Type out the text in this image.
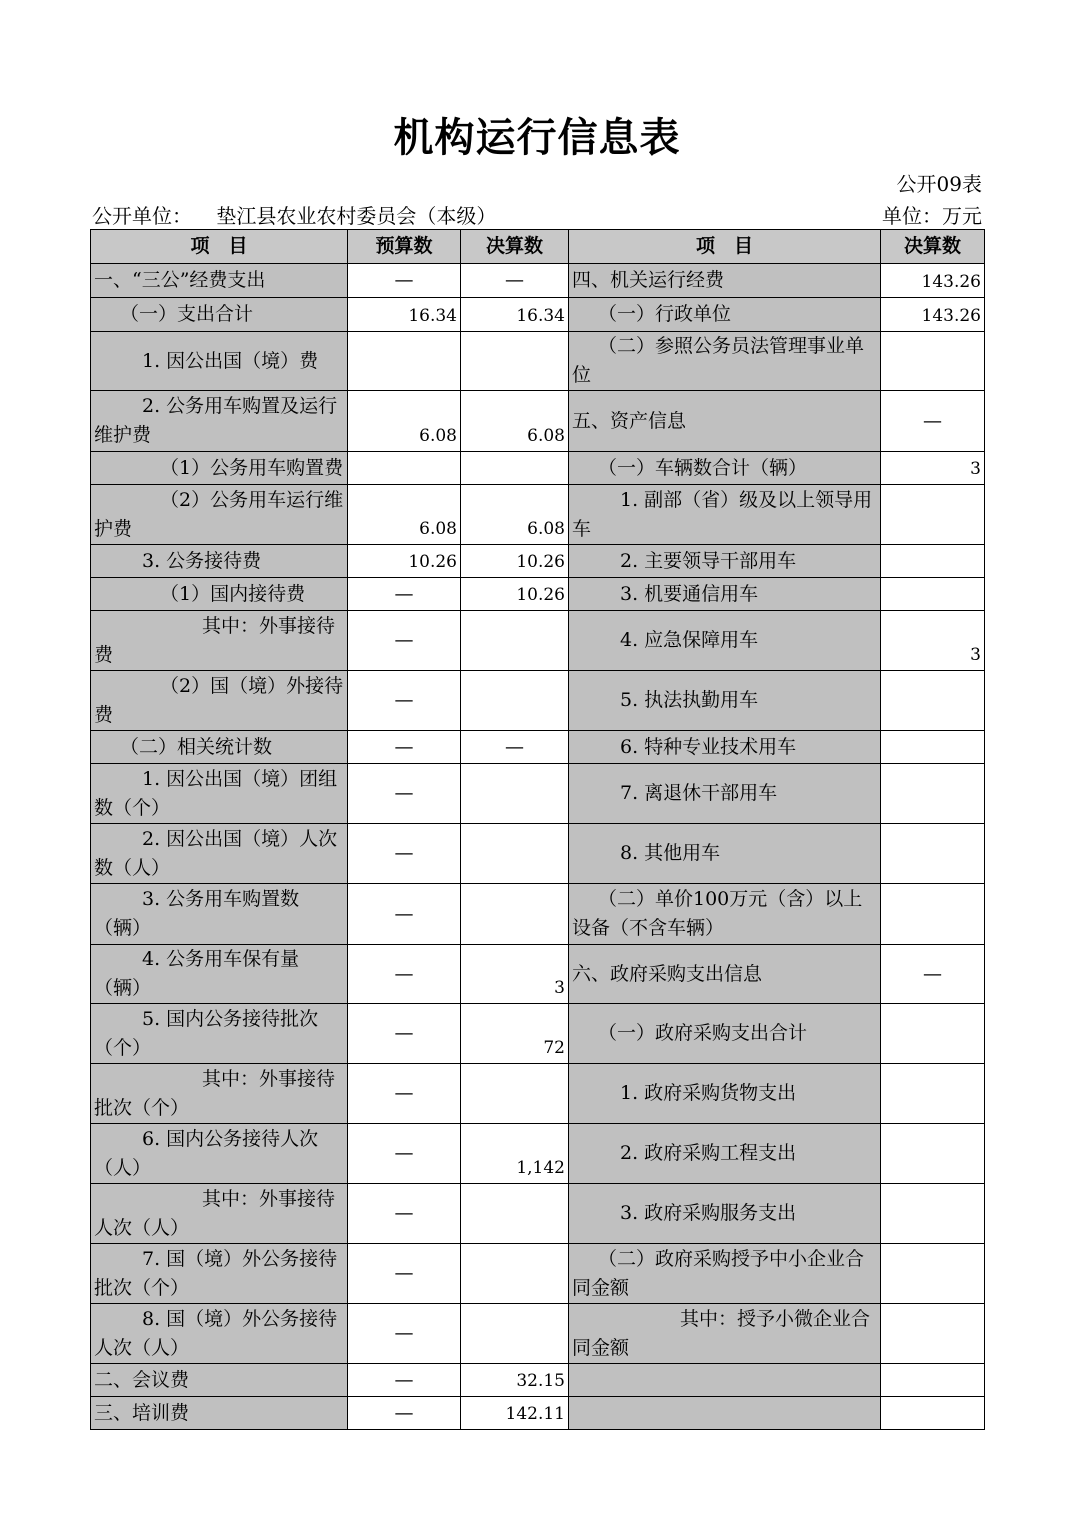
机构运行信息表
公开09表
公开单位： 垫江县农业农村委员会（本级）	单位：万元
项　目	预算数	决算数	项　目	决算数
一、“三公”经费支出	—	—	四、机关运行经费	143.26
（一）支出合计	16.34	16.34	（一）行政单位	143.26
1. 因公出国（境）费			（二）参照公务员法管理事业单位	
2. 公务用车购置及运行维护费	6.08	6.08	五、资产信息	—
（1）公务用车购置费			（一）车辆数合计（辆）	3
（2）公务用车运行维护费	6.08	6.08	1. 副部（省）级及以上领导用车	
3. 公务接待费	10.26	10.26	2. 主要领导干部用车	
（1）国内接待费	—	10.26	3. 机要通信用车	
其中：外事接待费	—		4. 应急保障用车	3
（2）国（境）外接待费	—		5. 执法执勤用车	
（二）相关统计数	—	—	6. 特种专业技术用车	
1. 因公出国（境）团组数（个）	—		7. 离退休干部用车	
2. 因公出国（境）人次数（人）	—		8. 其他用车	
3. 公务用车购置数（辆）	—		（二）单价100万元（含）以上设备（不含车辆）	
4. 公务用车保有量（辆）	—	3	六、政府采购支出信息	—
5. 国内公务接待批次（个）	—	72	（一）政府采购支出合计	
其中：外事接待批次（个）	—		1. 政府采购货物支出	
6. 国内公务接待人次（人）	—	1,142	2. 政府采购工程支出	
其中：外事接待人次（人）	—		3. 政府采购服务支出	
7. 国（境）外公务接待批次（个）	—		（二）政府采购授予中小企业合同金额	
8. 国（境）外公务接待人次（人）	—		其中：授予小微企业合同金额	
二、会议费	—	32.15		
三、培训费	—	142.11		
